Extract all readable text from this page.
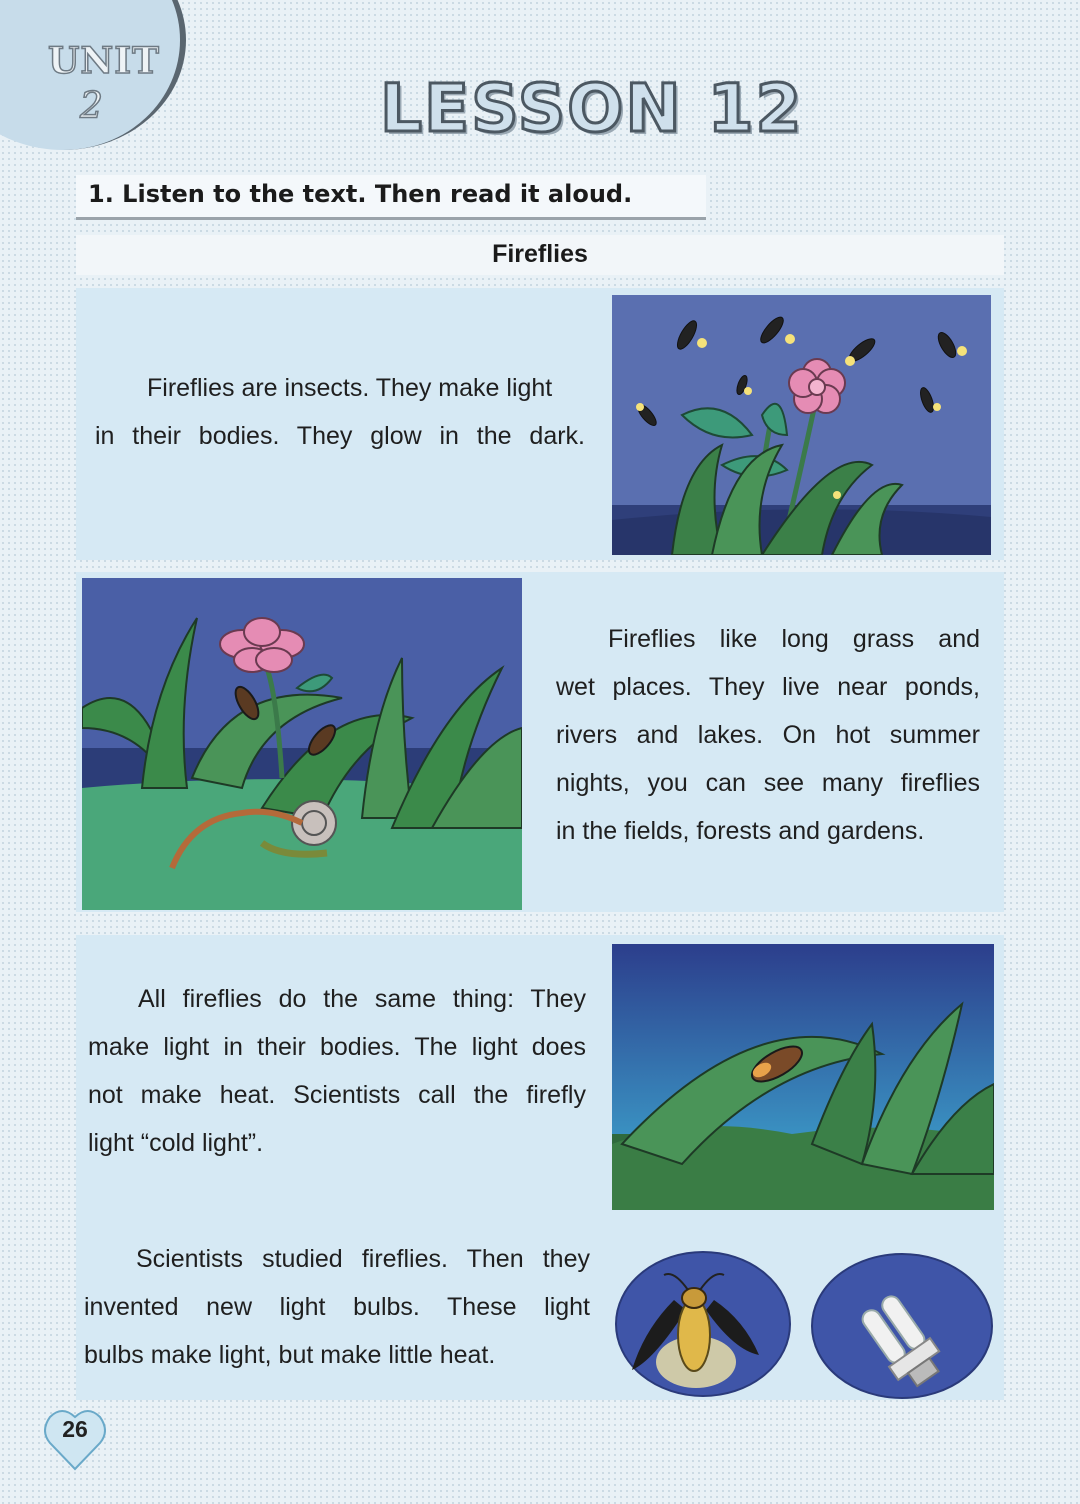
UNIT
2	LESSON 12
1. Listen to the text. Then read it aloud.
Fireflies
Fireflies are insects. They make light
in their bodies. They glow in the dark.
Fireflies like long grass and
wet places. They live near ponds,
rivers and lakes. On hot summer
nights, you can see many fireflies
in the fields, forests and gardens.
All fireflies do the same thing: They
make light in their bodies. The light does
not make heat. Scientists call the firefly
light “cold light”.
Scientists studied fireflies. Then they
invented new light bulbs. These light
bulbs make light, but make little heat.
26
